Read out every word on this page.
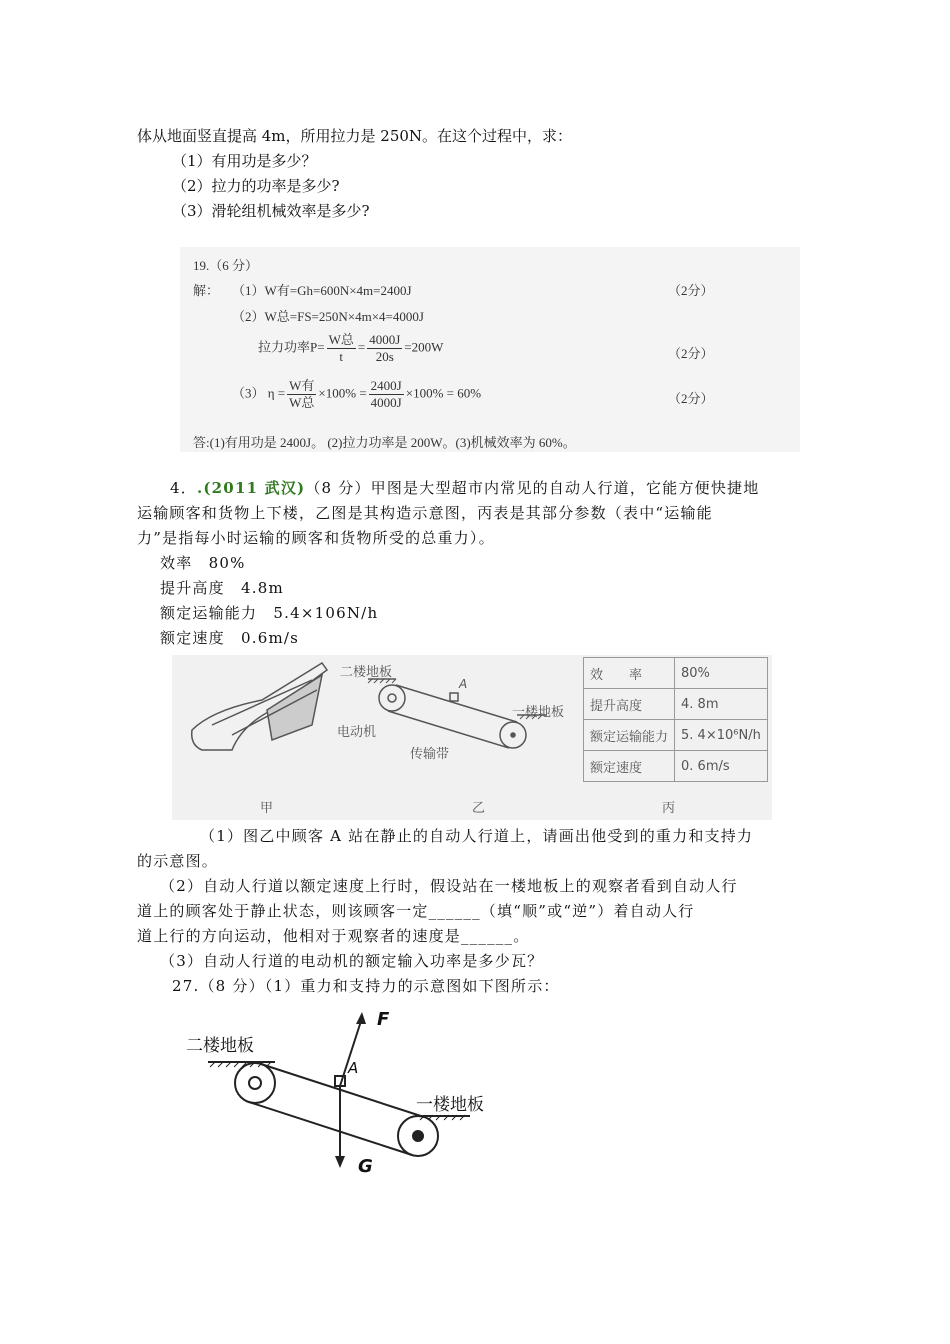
体从地面竖直提高 4m，所用拉力是 250N。在这个过程中，求：
（1）有用功是多少？
（2）拉力的功率是多少?
（3）滑轮组机械效率是多少?
19.（6 分）
解： （1）W有=Gh=600N×4m=2400J	（2分）
（2）W总=FS=250N×4m×4=4000J
拉力功率$P= \frac{\text{W总}}{t} = \frac{4000J}{20s} =200W$	（2分）
（3） $\eta = \frac{\text{W有}}{\text{W总}} \times 100\% = \frac{2400J}{4000J} \times 100\% = 60\%$	（2分）
答:(1)有用功是 2400J。 (2)拉力功率是 200W。(3)机械效率为 60%。
4．.(2011 武汉)（8 分）甲图是大型超市内常见的自动人行道，它能方便快捷地
运输顾客和货物上下楼，乙图是其构造示意图，丙表是其部分参数（表中“运输能
力”是指每小时运输的顾客和货物所受的总重力）。
效率　 80%
提升高度　 4.8m
额定运输能力　 5.4×106N/h
额定速度　 0.6m/s
二楼地板
A
一楼地板
电动机
传输带
甲	乙	丙
效　　率	80%
提升高度	4. 8m
额定运输能力	5. 4×10⁶N/h
额定速度	0. 6m/s
（1）图乙中顾客 A 站在静止的自动人行道上，请画出他受到的重力和支持力
的示意图。
（2）自动人行道以额定速度上行时，假设站在一楼地板上的观察者看到自动人行
道上的顾客处于静止状态，则该顾客一定______（填“顺”或“逆”）着自动人行
道上行的方向运动，他相对于观察者的速度是______。
（3）自动人行道的电动机的额定输入功率是多少瓦？
27.（8 分）（1）重力和支持力的示意图如下图所示：
二楼地板
A
一楼地板
F
G
